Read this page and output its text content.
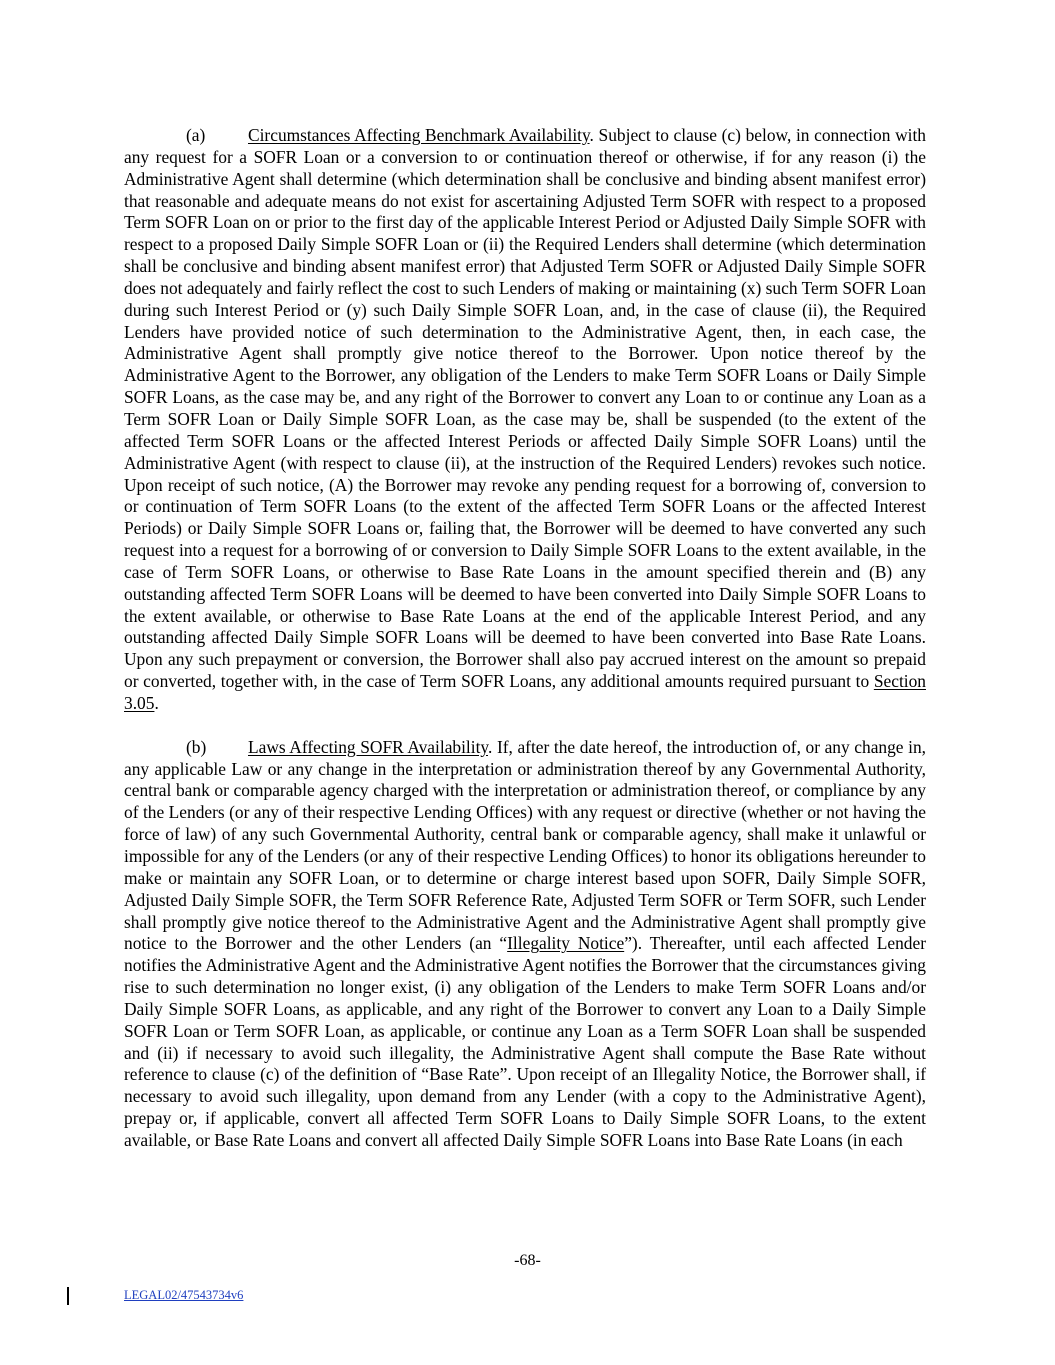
(a) Circumstances Affecting Benchmark Availability. Subject to clause (c) below, in connection with any request for a SOFR Loan or a conversion to or continuation thereof or otherwise, if for any reason (i) the Administrative Agent shall determine (which determination shall be conclusive and binding absent manifest error) that reasonable and adequate means do not exist for ascertaining Adjusted Term SOFR with respect to a proposed Term SOFR Loan on or prior to the first day of the applicable Interest Period or Adjusted Daily Simple SOFR with respect to a proposed Daily Simple SOFR Loan or (ii) the Required Lenders shall determine (which determination shall be conclusive and binding absent manifest error) that Adjusted Term SOFR or Adjusted Daily Simple SOFR does not adequately and fairly reflect the cost to such Lenders of making or maintaining (x) such Term SOFR Loan during such Interest Period or (y) such Daily Simple SOFR Loan, and, in the case of clause (ii), the Required Lenders have provided notice of such determination to the Administrative Agent, then, in each case, the Administrative Agent shall promptly give notice thereof to the Borrower. Upon notice thereof by the Administrative Agent to the Borrower, any obligation of the Lenders to make Term SOFR Loans or Daily Simple SOFR Loans, as the case may be, and any right of the Borrower to convert any Loan to or continue any Loan as a Term SOFR Loan or Daily Simple SOFR Loan, as the case may be, shall be suspended (to the extent of the affected Term SOFR Loans or the affected Interest Periods or affected Daily Simple SOFR Loans) until the Administrative Agent (with respect to clause (ii), at the instruction of the Required Lenders) revokes such notice. Upon receipt of such notice, (A) the Borrower may revoke any pending request for a borrowing of, conversion to or continuation of Term SOFR Loans (to the extent of the affected Term SOFR Loans or the affected Interest Periods) or Daily Simple SOFR Loans or, failing that, the Borrower will be deemed to have converted any such request into a request for a borrowing of or conversion to Daily Simple SOFR Loans to the extent available, in the case of Term SOFR Loans, or otherwise to Base Rate Loans in the amount specified therein and (B) any outstanding affected Term SOFR Loans will be deemed to have been converted into Daily Simple SOFR Loans to the extent available, or otherwise to Base Rate Loans at the end of the applicable Interest Period, and any outstanding affected Daily Simple SOFR Loans will be deemed to have been converted into Base Rate Loans. Upon any such prepayment or conversion, the Borrower shall also pay accrued interest on the amount so prepaid or converted, together with, in the case of Term SOFR Loans, any additional amounts required pursuant to Section 3.05.

(b) Laws Affecting SOFR Availability. If, after the date hereof, the introduction of, or any change in, any applicable Law or any change in the interpretation or administration thereof by any Governmental Authority, central bank or comparable agency charged with the interpretation or administration thereof, or compliance by any of the Lenders (or any of their respective Lending Offices) with any request or directive (whether or not having the force of law) of any such Governmental Authority, central bank or comparable agency, shall make it unlawful or impossible for any of the Lenders (or any of their respective Lending Offices) to honor its obligations hereunder to make or maintain any SOFR Loan, or to determine or charge interest based upon SOFR, Daily Simple SOFR, Adjusted Daily Simple SOFR, the Term SOFR Reference Rate, Adjusted Term SOFR or Term SOFR, such Lender shall promptly give notice thereof to the Administrative Agent and the Administrative Agent shall promptly give notice to the Borrower and the other Lenders (an “Illegality Notice”). Thereafter, until each affected Lender notifies the Administrative Agent and the Administrative Agent notifies the Borrower that the circumstances giving rise to such determination no longer exist, (i) any obligation of the Lenders to make Term SOFR Loans and/or Daily Simple SOFR Loans, as applicable, and any right of the Borrower to convert any Loan to a Daily Simple SOFR Loan or Term SOFR Loan, as applicable, or continue any Loan as a Term SOFR Loan shall be suspended and (ii) if necessary to avoid such illegality, the Administrative Agent shall compute the Base Rate without reference to clause (c) of the definition of “Base Rate”. Upon receipt of an Illegality Notice, the Borrower shall, if necessary to avoid such illegality, upon demand from any Lender (with a copy to the Administrative Agent), prepay or, if applicable, convert all affected Term SOFR Loans to Daily Simple SOFR Loans, to the extent available, or Base Rate Loans and convert all affected Daily Simple SOFR Loans into Base Rate Loans (in each

-68-
LEGAL02/47543734v6
